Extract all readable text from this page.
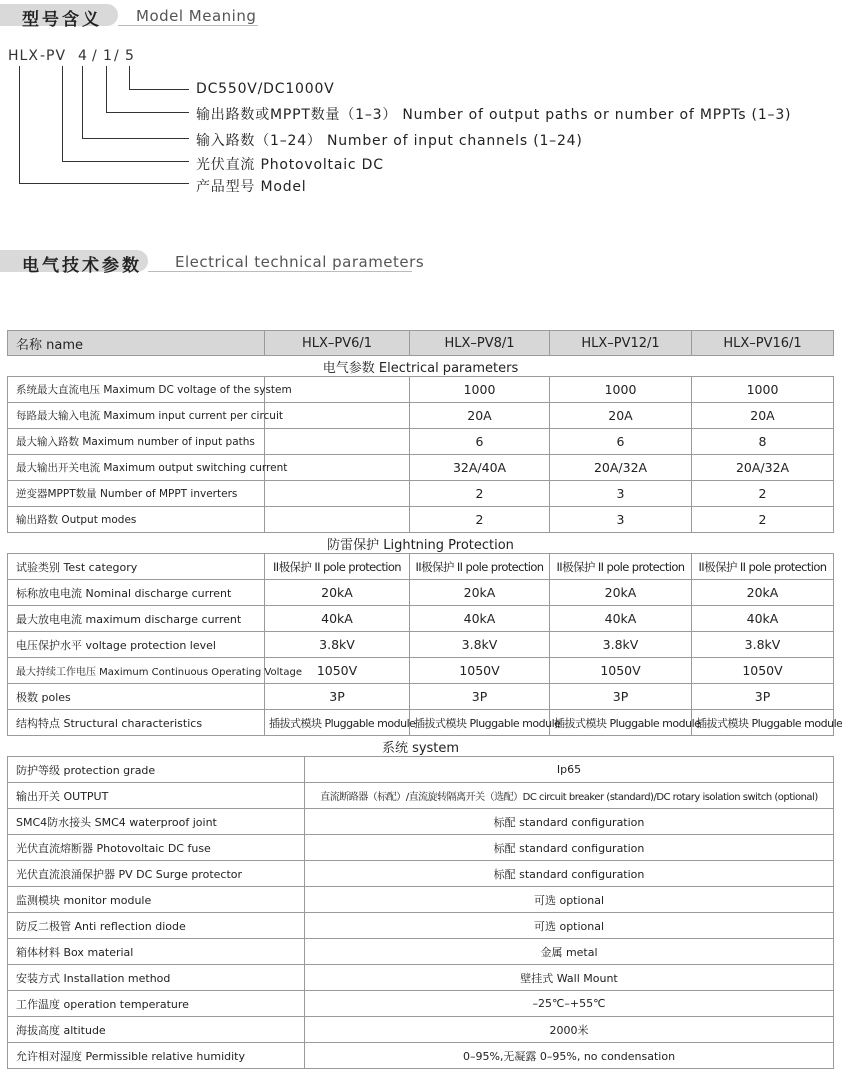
型号含义 Model Meaning
HLX -PV 4 / 1 / 5
DC550V/DC1000V
输出路数或MPPT数量（1–3） Number of output paths or number of MPPTs (1–3)
输入路数（1–24） Number of input channels (1–24)
光伏直流 Photovoltaic DC
产品型号 Model
电气技术参数 Electrical technical parameters
名称 name	HLX–PV6/1		HLX–PV8/1	HLX–PV12/1	HLX–PV16/1
电气参数 Electrical parameters					
系统最大直流电压 Maximum DC voltage of the system			1000	1000	1000
每路最大输入电流 Maximum input current per circuit			20A	20A	20A
最大输入路数 Maximum number of input paths			6	6	8
最大输出开关电流 Maximum output switching current			32A/40A	20A/32A	20A/32A
逆变器MPPT数量 Number of MPPT inverters			2	3	2
输出路数 Output modes			2	3	2
防雷保护 Lightning Protection					
试验类别 Test category	II极保护 II pole protection		II极保护 II pole protection	II极保护 II pole protection	II极保护 II pole protection
标称放电电流 Nominal discharge current	20kA		20kA	20kA	20kA
最大放电电流 maximum discharge current	40kA		40kA	40kA	40kA
电压保护水平 voltage protection level	3.8kV		3.8kV	3.8kV	3.8kV
最大持续工作电压 Maximum Continuous Operating Voltage	1050V		1050V	1050V	1050V
极数 poles	3P		3P	3P	3P
结构特点 Structural characteristics	插拔式模块 Pluggable module		插拔式模块 Pluggable module	插拔式模块 Pluggable module	插拔式模块 Pluggable module
系统 system					
防护等级 protection grade		Ip65			
输出开关 OUTPUT		直流断路器（标配）/直流旋转隔离开关（选配）DC circuit breaker (standard)/DC rotary isolation switch (optional)			
SMC4防水接头 SMC4 waterproof joint		标配 standard configuration			
光伏直流熔断器 Photovoltaic DC fuse		标配 standard configuration			
光伏直流浪涌保护器 PV DC Surge protector		标配 standard configuration			
监测模块 monitor module		可选 optional			
防反二极管 Anti reflection diode		可选 optional			
箱体材料 Box material		金属 metal			
安装方式 Installation method		壁挂式 Wall Mount			
工作温度 operation temperature		–25℃–+55℃			
海拔高度 altitude		2000米			
允许相对湿度 Permissible relative humidity		0–95%,无凝露 0–95%, no condensation			
